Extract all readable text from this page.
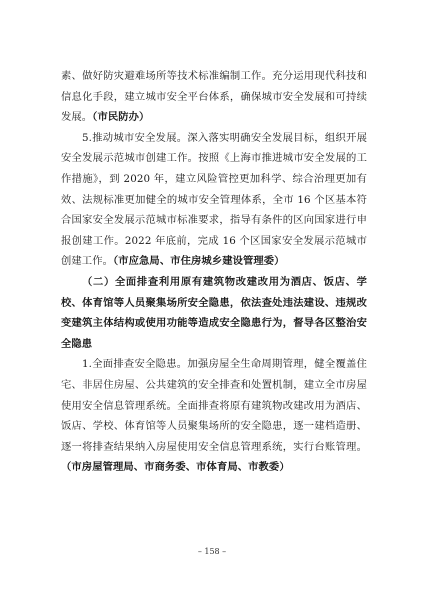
素、做好防灾避难场所等技术标准编制工作。充分运用现代科技和信息化手段，建立城市安全平台体系，确保城市安全发展和可持续发展。（市民防办）

5.推动城市安全发展。深入落实明确安全发展目标，组织开展安全发展示范城市创建工作。按照《上海市推进城市安全发展的工作措施》，到 2020 年，建立风险管控更加科学、综合治理更加有效、法规标准更加健全的城市安全管理体系，全市 16 个区基本符合国家安全发展示范城市标准要求，指导有条件的区向国家进行申报创建工作。2022 年底前，完成 16 个区国家安全发展示范城市创建工作。（市应急局、市住房城乡建设管理委）

（二）全面排查利用原有建筑物改建改用为酒店、饭店、学校、体育馆等人员聚集场所安全隐患，依法查处违法建设、违规改变建筑主体结构或使用功能等造成安全隐患行为，督导各区整治安全隐患

1.全面排查安全隐患。加强房屋全生命周期管理，健全覆盖住宅、非居住房屋、公共建筑的安全排查和处置机制，建立全市房屋使用安全信息管理系统。全面排查将原有建筑物改建改用为酒店、饭店、学校、体育馆等人员聚集场所的安全隐患，逐一建档造册、逐一将排查结果纳入房屋使用安全信息管理系统，实行台账管理。（市房屋管理局、市商务委、市体育局、市教委）

– 158 –
